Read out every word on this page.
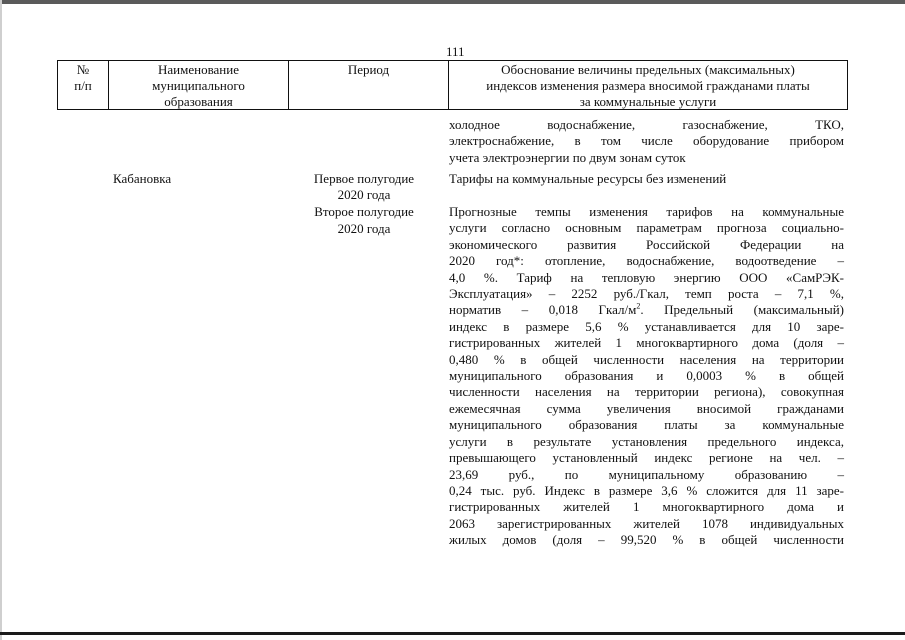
111
№
п/п
Наименование
муниципального
образования
Период	Обоснование величины предельных (максимальных)
индексов изменения размера вносимой гражданами платы
за коммунальные услуги
холодное водоснабжение, газоснабжение, ТКО,
электроснабжение, в том числе оборудование прибором
учета электроэнергии по двум зонам суток
Кабановка	Первое полугодие
2020 года
Тарифы на коммунальные ресурсы без изменений
Второе полугодие
2020 года
Прогнозные темпы изменения тарифов на коммунальные
услуги согласно основным параметрам прогноза социально-
экономического развития Российской Федерации на
2020 год*: отопление, водоснабжение, водоотведение –
4,0 %. Тариф на тепловую энергию ООО «СамРЭК-
Эксплуатация» – 2252 руб./Гкал, темп роста – 7,1 %,
норматив – 0,018 Гкал/$м^2$. Предельный (максимальный)
индекс в размере 5,6 % устанавливается для 10 заре-
гистрированных жителей 1 многоквартирного дома (доля –
0,480 % в общей численности населения на территории
муниципального образования и 0,0003 % в общей
численности населения на территории региона), совокупная
ежемесячная сумма увеличения вносимой гражданами
муниципального образования платы за коммунальные
услуги в результате установления предельного индекса,
превышающего установленный индекс регионе на чел. –
23,69 руб., по муниципальному образованию –
0,24 тыс. руб. Индекс в размере 3,6 % сложится для 11 заре-
гистрированных жителей 1 многоквартирного дома и
2063 зарегистрированных жителей 1078 индивидуальных
жилых домов (доля – 99,520 % в общей численности
